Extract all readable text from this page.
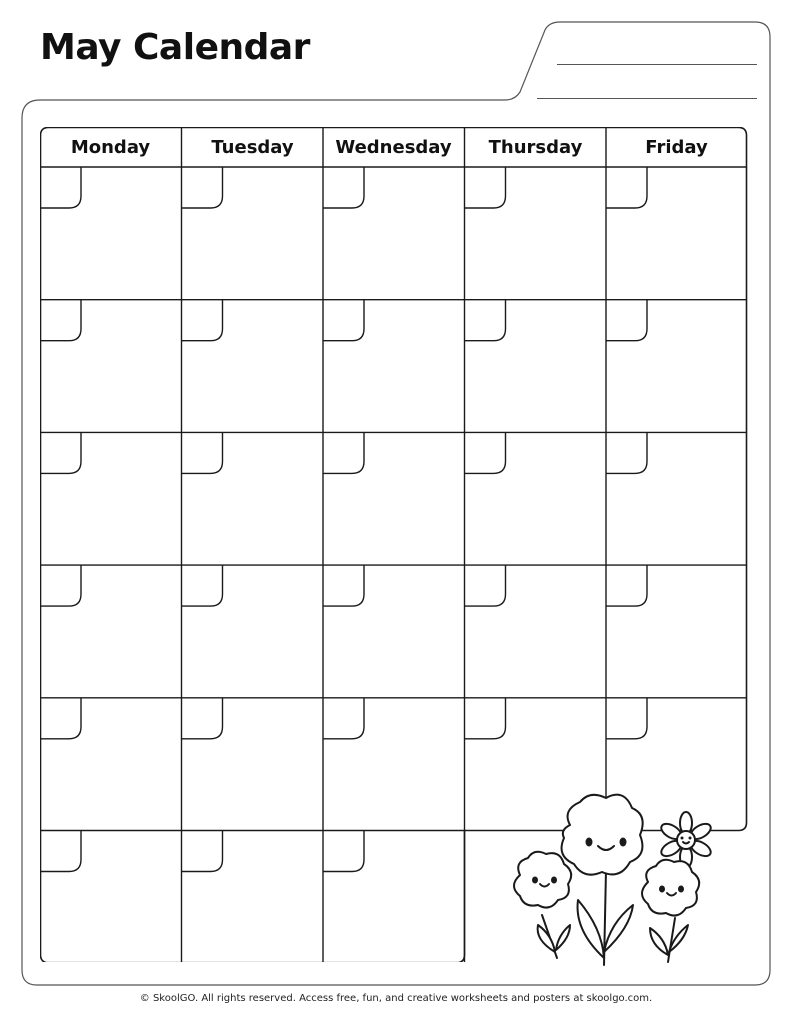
May Calendar
Monday	Tuesday	Wednesday	Thursday	Friday
© SkoolGO. All rights reserved. Access free, fun, and creative worksheets and posters at skoolgo.com.
